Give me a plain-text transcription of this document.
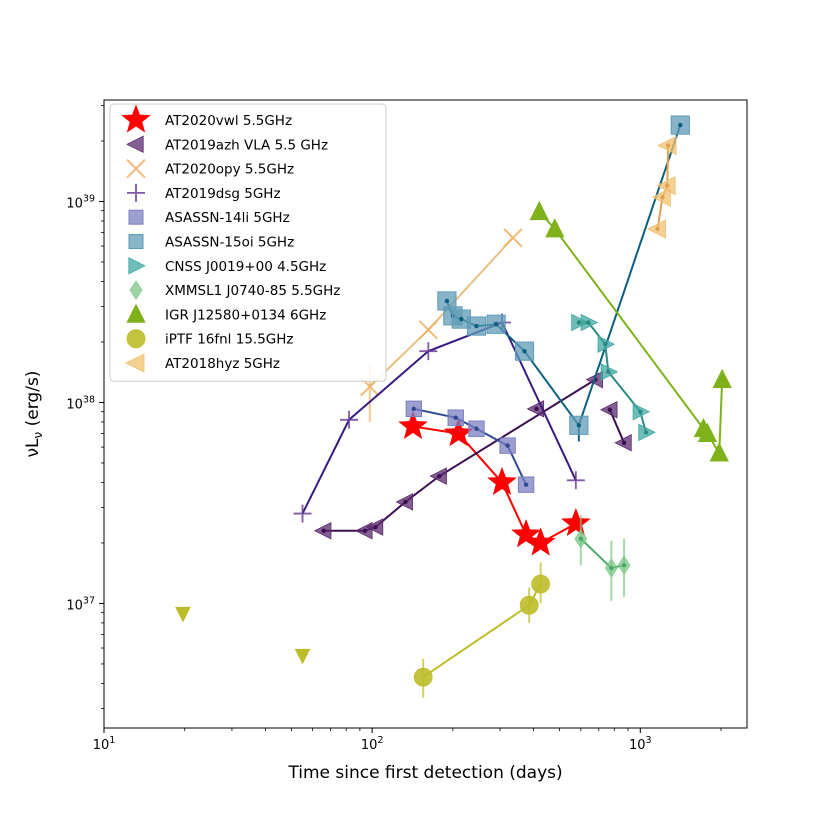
$10^1$	$10^2$	$10^3$
$10^{37}$
$10^{38}$
$10^{39}$
Time since first detection (days)
$\nu L_\nu$ (erg/s)
AT2020vwl 5.5GHz
AT2019azh VLA 5.5 GHz
AT2020opy 5.5GHz
AT2019dsg 5GHz
ASASSN-14li 5GHz
ASASSN-15oi 5GHz
CNSS J0019+00 4.5GHz
XMMSL1 J0740-85 5.5GHz
IGR J12580+0134 6GHz
iPTF 16fnl 15.5GHz
AT2018hyz 5GHz
